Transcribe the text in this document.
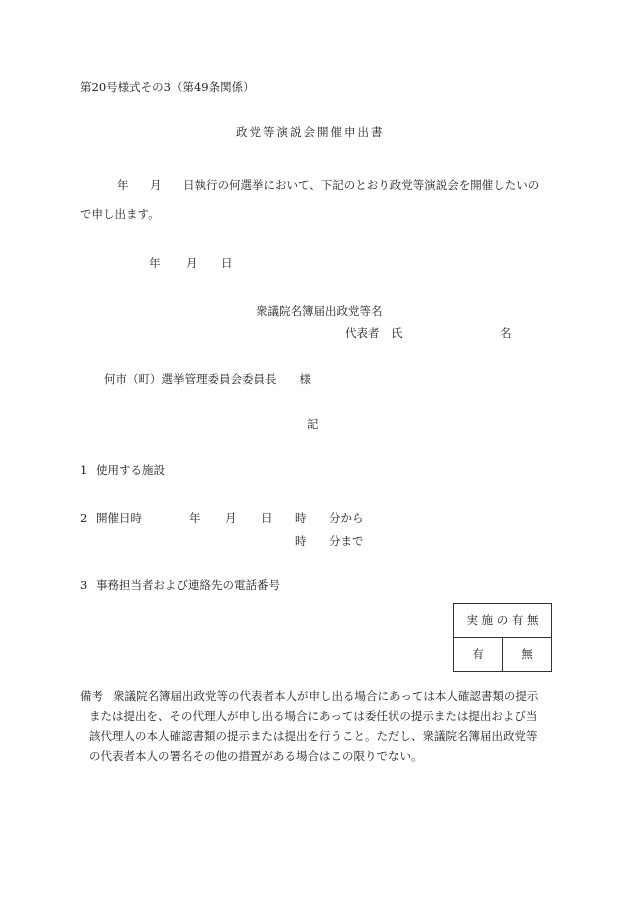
第20号様式その3（第49条関係）
政党等演説会開催申出書
年 月 日執行の何選挙において、下記のとおり政党等演説会を開催したいの
で申し出ます。
年 月 日
衆議院名簿届出政党等名
代表者　氏	名
何市（町）選挙管理委員会委員長　　様
記
1 使用する施設
2 開催日時	年 月 日 時 分から
時 分まで
3 事務担当者および連絡先の電話番号
実 施 の 有 無
有	無
備考 衆議院名簿届出政党等の代表者本人が申し出る場合にあっては本人確認書類の提示
または提出を、その代理人が申し出る場合にあっては委任状の提示または提出および当
該代理人の本人確認書類の提示または提出を行うこと。ただし、衆議院名簿届出政党等
の代表者本人の署名その他の措置がある場合はこの限りでない。
